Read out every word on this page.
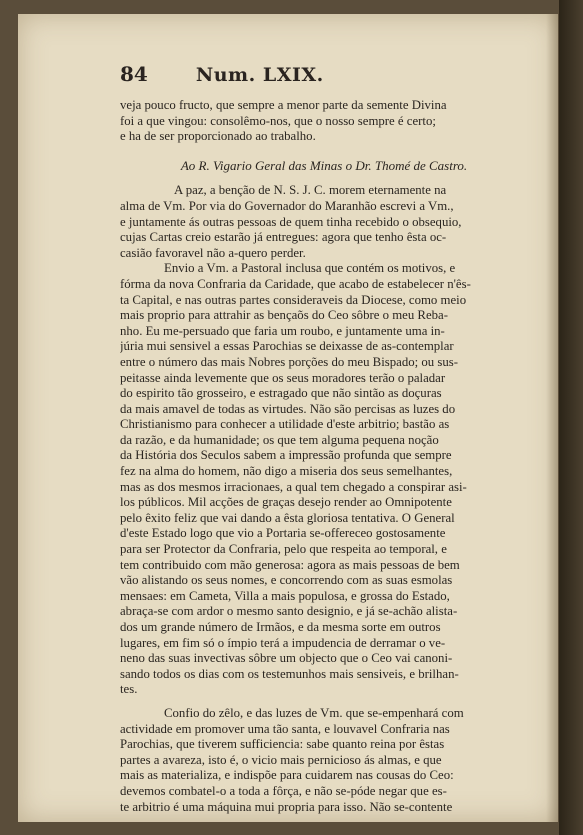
84	Num. LXIX.
veja pouco fructo, que sempre a menor parte da semente Divina
foi a que vingou: consolêmo-nos, que o nosso sempre é certo;
e ha de ser proporcionado ao trabalho.
Ao R. Vigario Geral das Minas o Dr. Thomé de Castro.
A paz, a benção de N. S. J. C. morem eternamente na
alma de Vm. Por via do Governador do Maranhão escrevi a Vm.,
e juntamente ás outras pessoas de quem tinha recebido o obsequio,
cujas Cartas creio estarão já entregues: agora que tenho êsta oc-
casião favoravel não a-quero perder.
Envio a Vm. a Pastoral inclusa que contém os motivos, e
fórma da nova Confraria da Caridade, que acabo de estabelecer n'ês-
ta Capital, e nas outras partes consideraveis da Diocese, como meio
mais proprio para attrahir as bençaõs do Ceo sôbre o meu Reba-
nho. Eu me-persuado que faria um roubo, e juntamente uma in-
júria mui sensivel a essas Parochias se deixasse de as-contemplar
entre o número das mais Nobres porções do meu Bispado; ou sus-
peitasse ainda levemente que os seus moradores terão o paladar
do espirito tão grosseiro, e estragado que não sintão as doçuras
da mais amavel de todas as virtudes. Não são percisas as luzes do
Christianismo para conhecer a utilidade d'este arbitrio; bastão as
da razão, e da humanidade; os que tem alguma pequena noção
da História dos Seculos sabem a impressão profunda que sempre
fez na alma do homem, não digo a miseria dos seus semelhantes,
mas as dos mesmos irracionaes, a qual tem chegado a conspirar asi-
los públicos. Mil acções de graças desejo render ao Omnipotente
pelo êxito feliz que vai dando a êsta gloriosa tentativa. O General
d'este Estado logo que vio a Portaria se-offereceo gostosamente
para ser Protector da Confraria, pelo que respeita ao temporal, e
tem contribuido com mão generosa: agora as mais pessoas de bem
vão alistando os seus nomes, e concorrendo com as suas esmolas
mensaes: em Cameta, Villa a mais populosa, e grossa do Estado,
abraça-se com ardor o mesmo santo designio, e já se-achão alista-
dos um grande número de Irmãos, e da mesma sorte em outros
lugares, em fim só o ímpio terá a impudencia de derramar o ve-
neno das suas invectivas sôbre um objecto que o Ceo vai canoni-
sando todos os dias com os testemunhos mais sensiveis, e brilhan-
tes.
Confio do zêlo, e das luzes de Vm. que se-empenhará com
actividade em promover uma tão santa, e louvavel Confraria nas
Parochias, que tiverem sufficiencia: sabe quanto reina por êstas
partes a avareza, isto é, o vicio mais pernicioso ás almas, e que
mais as materializa, e indispõe para cuidarem nas cousas do Ceo:
devemos combatel-o a toda a fôrça, e não se-póde negar que es-
te arbitrio é uma máquina mui propria para isso. Não se-contente
